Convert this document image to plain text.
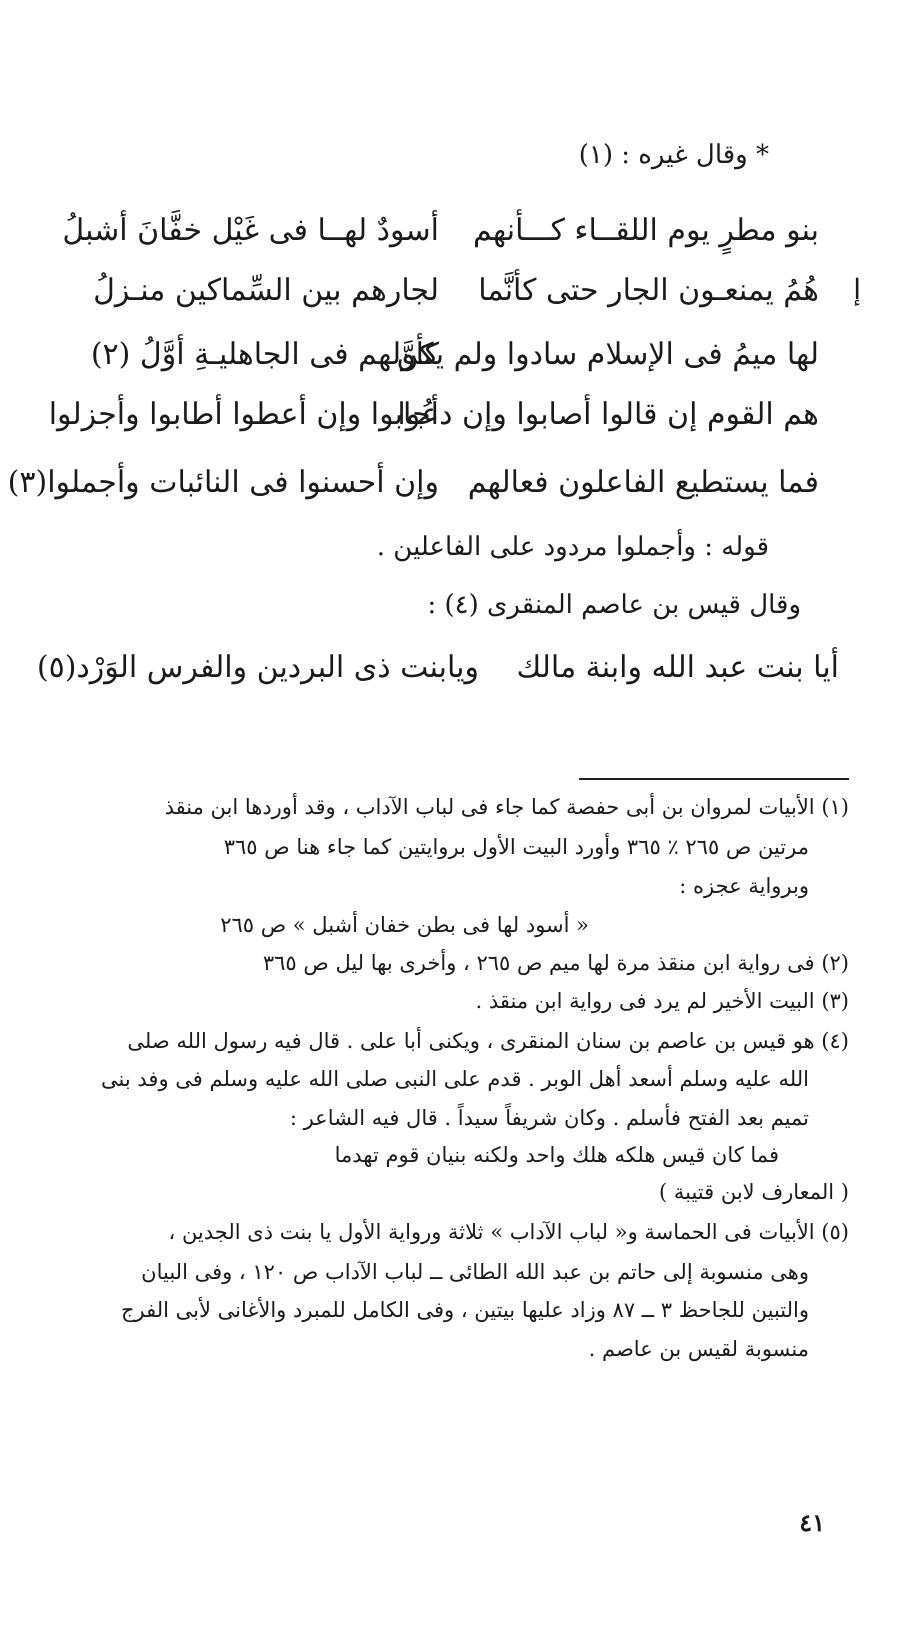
* وقال غيره : (١)
بنو مطرٍ يوم اللقــاء كـــأنهم
أسودٌ لهــا فى غَيْل خفَّانَ أشبلُ
إ
هُمُ يمنعـون الجار حتى كأنَّما
لجارهم بين السِّماكين منـزلُ
لها ميمُ فى الإسلام سادوا ولم يكن
كأوَّلهم فى الجاهليـةِ أوَّلُ (٢)
هم القوم إن قالوا أصابوا وإن دعُوا
أجابوا وإن أعطوا أطابوا وأجزلوا
فما يستطيع الفاعلون فعالهم
وإن أحسنوا فى النائبات وأجملوا(٣)
قوله : وأجملوا مردود على الفاعلين .
وقال قيس بن عاصم المنقرى (٤) :
أيا بنت عبد الله وابنة مالك
ويابنت ذى البردين والفرس الوَرْد(٥)
(١) الأبيات لمروان بن أبى حفصة كما جاء فى لباب الآداب ، وقد أوردها ابن منقذ
مرتين ص ٢٦٥ ٪ ٣٦٥ وأورد البيت الأول بروايتين كما جاء هنا ص ٣٦٥
وبرواية عجزه :
« أسود لها فى بطن خفان أشبل » ص ٢٦٥
(٢) فى رواية ابن منقذ مرة لها ميم ص ٢٦٥ ، وأخرى بها ليل ص ٣٦٥
(٣) البيت الأخير لم يرد فى رواية ابن منقذ .
(٤) هو قيس بن عاصم بن سنان المنقرى ، ويكنى أبا على . قال فيه رسول الله صلى
الله عليه وسلم أسعد أهل الوبر . قدم على النبى صلى الله عليه وسلم فى وفد بنى
تميم بعد الفتح فأسلم . وكان شريفاً سيداً . قال فيه الشاعر :
فما كان قيس هلكه هلك واحد ولكنه بنيان قوم تهدما
( المعارف لابن قتيبة )
(٥) الأبيات فى الحماسة و« لباب الآداب » ثلاثة ورواية الأول يا بنت ذى الجدين ،
وهى منسوبة إلى حاتم بن عبد الله الطائى ــ لباب الآداب ص ١٢٠ ، وفى البيان
والتبين للجاحظ ٣ ــ ٨٧ وزاد عليها بيتين ، وفى الكامل للمبرد والأغانى لأبى الفرج
منسوبة لقيس بن عاصم .
٤١
